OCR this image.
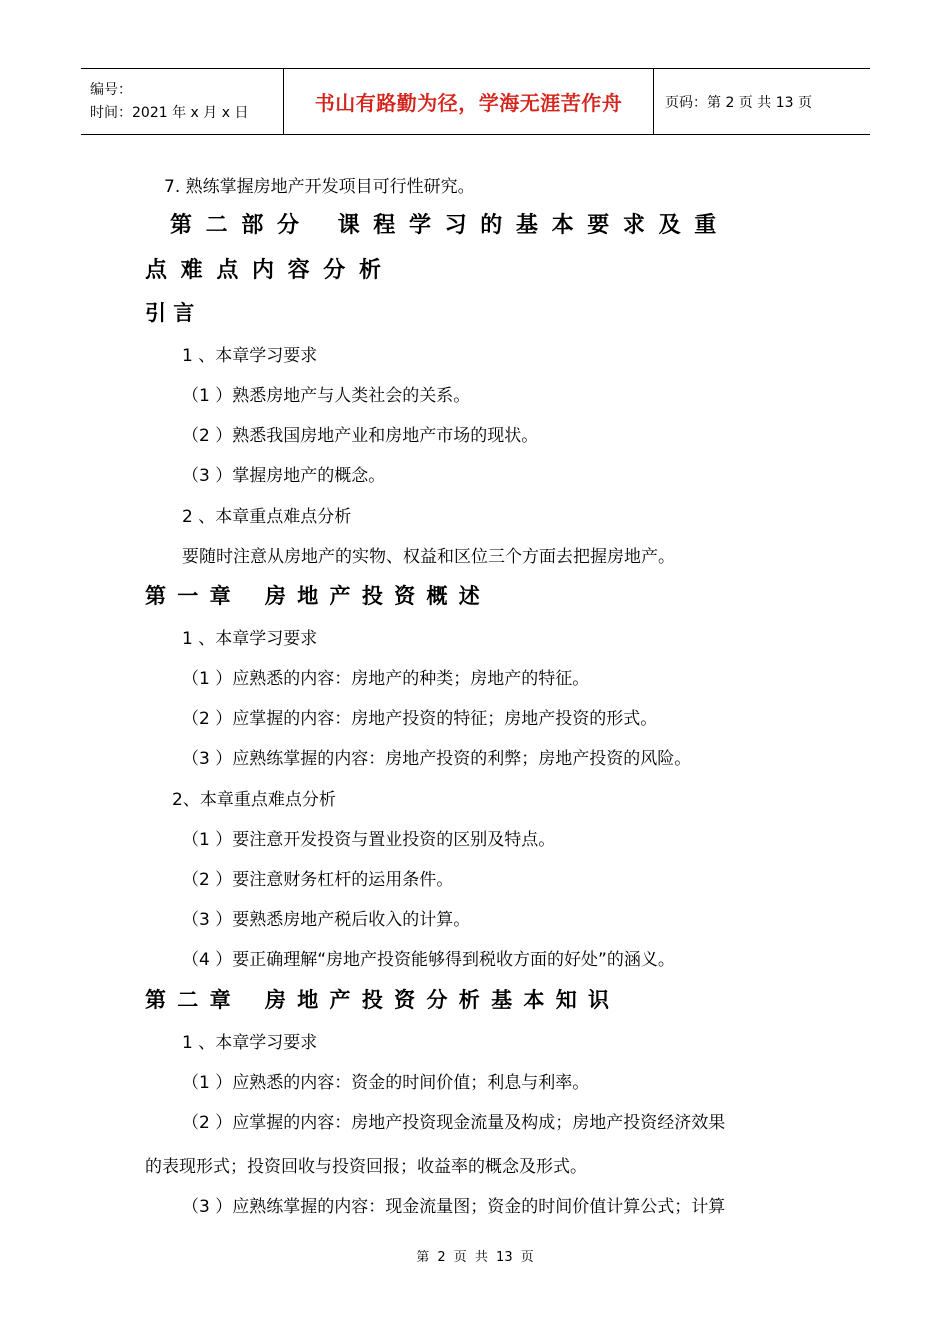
编号：
时间：2021 年 x 月 x 日	书山有路勤为径，学海无涯苦作舟	页码：第 2 页 共 13 页
7. 熟练掌握房地产开发项目可行性研究。
第 二 部 分　 课 程 学 习 的 基 本 要 求 及 重
点 难 点 内 容 分 析
引 言
1 、本章学习要求
（1 ）熟悉房地产与人类社会的关系。
（2 ）熟悉我国房地产业和房地产市场的现状。
（3 ）掌握房地产的概念。
2 、本章重点难点分析
要随时注意从房地产的实物、权益和区位三个方面去把握房地产。
第 一 章　 房 地 产 投 资 概 述
1 、本章学习要求
（1 ）应熟悉的内容：房地产的种类；房地产的特征。
（2 ）应掌握的内容：房地产投资的特征；房地产投资的形式。
（3 ）应熟练掌握的内容：房地产投资的利弊；房地产投资的风险。
2、本章重点难点分析
（1 ）要注意开发投资与置业投资的区别及特点。
（2 ）要注意财务杠杆的运用条件。
（3 ）要熟悉房地产税后收入的计算。
（4 ）要正确理解“房地产投资能够得到税收方面的好处”的涵义。
第 二 章　 房 地 产 投 资 分 析 基 本 知 识
1 、本章学习要求
（1 ）应熟悉的内容：资金的时间价值；利息与利率。
（2 ）应掌握的内容：房地产投资现金流量及构成；房地产投资经济效果
的表现形式；投资回收与投资回报；收益率的概念及形式。
（3 ）应熟练掌握的内容：现金流量图；资金的时间价值计算公式；计算
第 2 页 共 13 页
